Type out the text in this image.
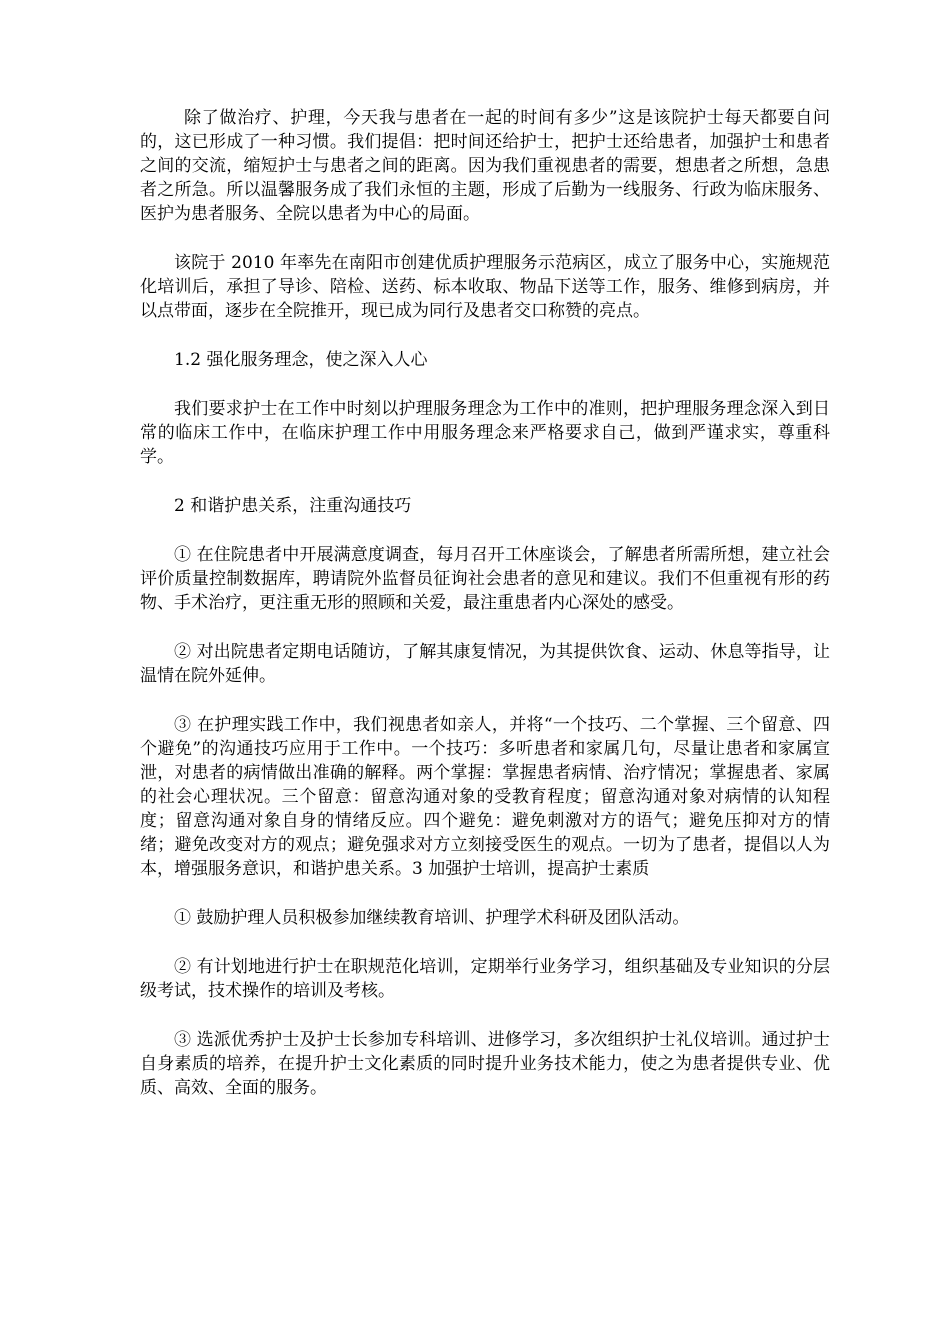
除了做治疗、护理，今天我与患者在一起的时间有多少”这是该院护士每天都要自问的，这已形成了一种习惯。我们提倡：把时间还给护士，把护士还给患者，加强护士和患者之间的交流，缩短护士与患者之间的距离。因为我们重视患者的需要，想患者之所想，急患者之所急。所以温馨服务成了我们永恒的主题，形成了后勤为一线服务、行政为临床服务、医护为患者服务、全院以患者为中心的局面。

该院于 2010 年率先在南阳市创建优质护理服务示范病区，成立了服务中心，实施规范化培训后，承担了导诊、陪检、送药、标本收取、物品下送等工作，服务、维修到病房，并以点带面，逐步在全院推开，现已成为同行及患者交口称赞的亮点。

1.2 强化服务理念，使之深入人心

我们要求护士在工作中时刻以护理服务理念为工作中的准则，把护理服务理念深入到日常的临床工作中，在临床护理工作中用服务理念来严格要求自己，做到严谨求实，尊重科学。

2 和谐护患关系，注重沟通技巧

① 在住院患者中开展满意度调查，每月召开工休座谈会，了解患者所需所想，建立社会评价质量控制数据库，聘请院外监督员征询社会患者的意见和建议。我们不但重视有形的药物、手术治疗，更注重无形的照顾和关爱，最注重患者内心深处的感受。

② 对出院患者定期电话随访，了解其康复情况，为其提供饮食、运动、休息等指导，让温情在院外延伸。

③ 在护理实践工作中，我们视患者如亲人，并将“一个技巧、二个掌握、三个留意、四个避免”的沟通技巧应用于工作中。一个技巧：多听患者和家属几句，尽量让患者和家属宣泄，对患者的病情做出准确的解释。两个掌握：掌握患者病情、治疗情况；掌握患者、家属的社会心理状况。三个留意：留意沟通对象的受教育程度；留意沟通对象对病情的认知程度；留意沟通对象自身的情绪反应。四个避免：避免刺激对方的语气；避免压抑对方的情绪；避免改变对方的观点；避免强求对方立刻接受医生的观点。一切为了患者，提倡以人为本，增强服务意识，和谐护患关系。3 加强护士培训，提高护士素质

① 鼓励护理人员积极参加继续教育培训、护理学术科研及团队活动。

② 有计划地进行护士在职规范化培训，定期举行业务学习，组织基础及专业知识的分层级考试，技术操作的培训及考核。

③ 选派优秀护士及护士长参加专科培训、进修学习，多次组织护士礼仪培训。通过护士自身素质的培养，在提升护士文化素质的同时提升业务技术能力，使之为患者提供专业、优质、高效、全面的服务。
